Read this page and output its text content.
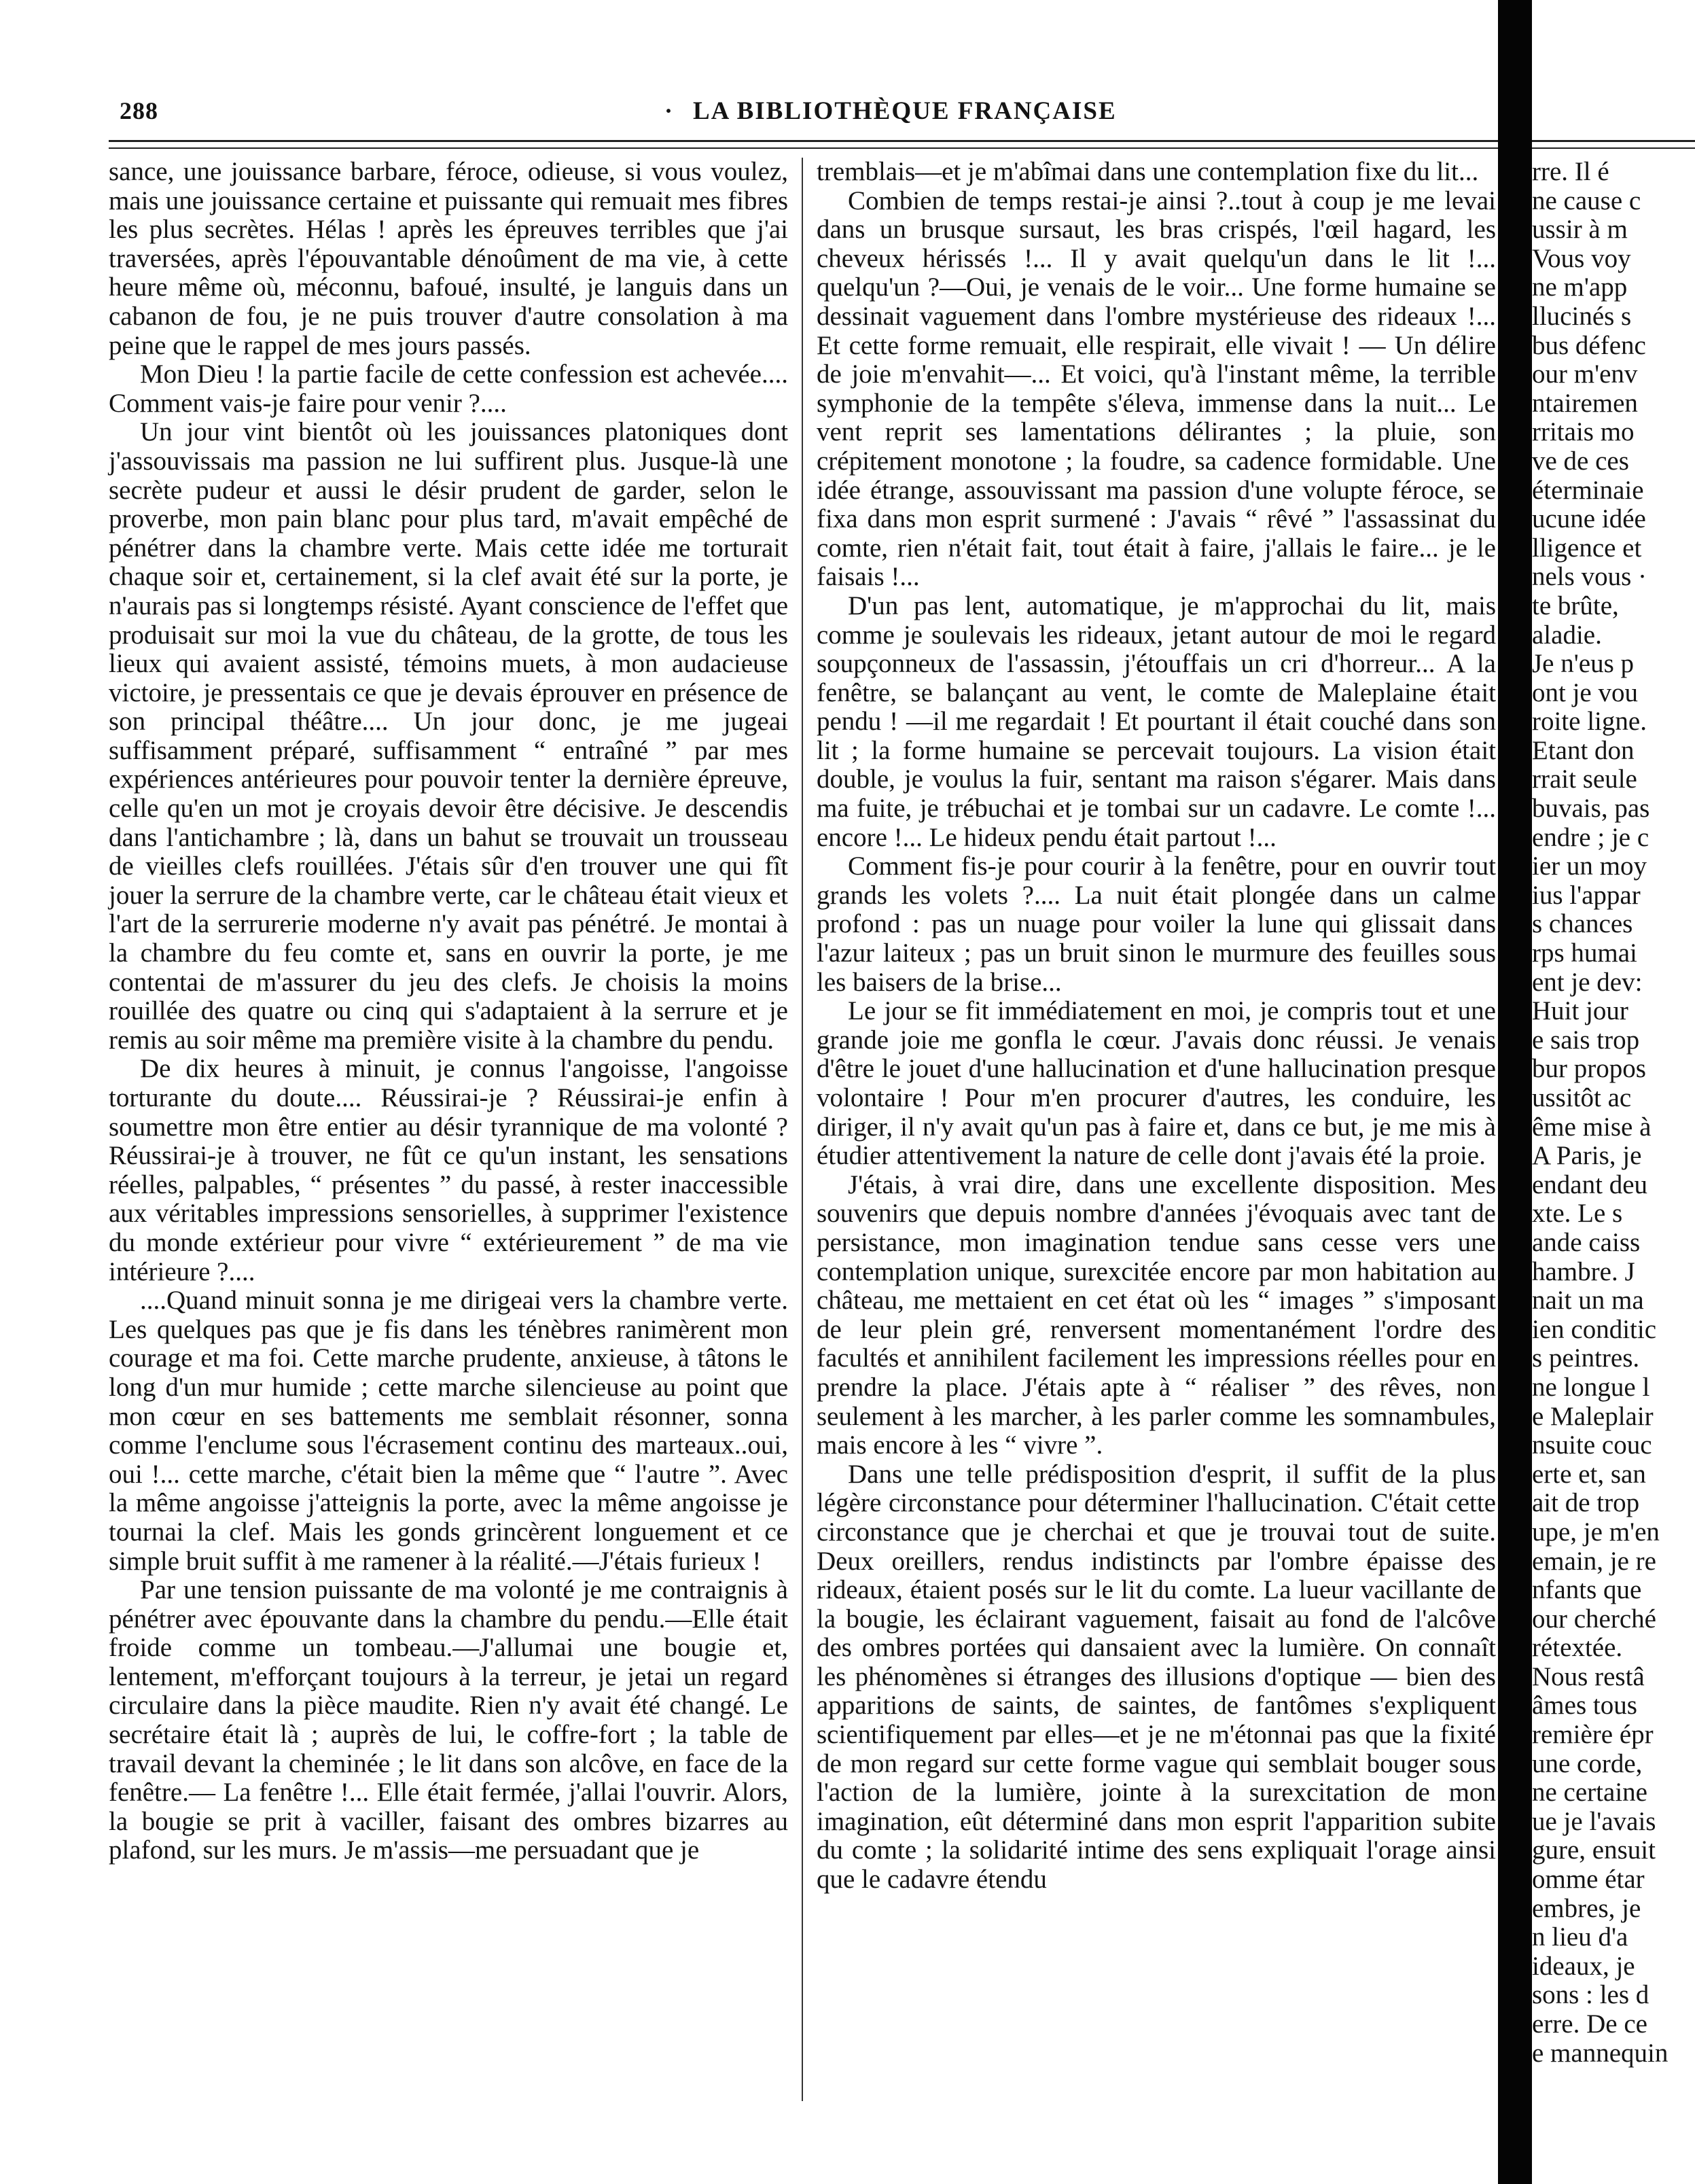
288	· LA BIBLIOTHÈQUE FRANÇAISE

sance, une jouissance barbare, féroce, odieuse, si vous voulez, mais une jouissance certaine et puissante qui remuait mes fibres les plus secrètes. Hélas ! après les épreuves terribles que j'ai traversées, après l'épouvantable dénoûment de ma vie, à cette heure même où, méconnu, bafoué, insulté, je languis dans un cabanon de fou, je ne puis trouver d'autre consolation à ma peine que le rappel de mes jours passés.

Mon Dieu ! la partie facile de cette confession est achevée.... Comment vais-je faire pour venir ?....

Un jour vint bientôt où les jouissances platoniques dont j'assouvissais ma passion ne lui suffirent plus. Jusque-là une secrète pudeur et aussi le désir prudent de garder, selon le proverbe, mon pain blanc pour plus tard, m'avait empêché de pénétrer dans la chambre verte. Mais cette idée me torturait chaque soir et, certainement, si la clef avait été sur la porte, je n'aurais pas si longtemps résisté. Ayant conscience de l'effet que produisait sur moi la vue du château, de la grotte, de tous les lieux qui avaient assisté, témoins muets, à mon audacieuse victoire, je pressentais ce que je devais éprouver en présence de son principal théâtre.... Un jour donc, je me jugeai suffisamment préparé, suffisamment “ entraîné ” par mes expériences antérieures pour pouvoir tenter la dernière épreuve, celle qu'en un mot je croyais devoir être décisive. Je descendis dans l'antichambre ; là, dans un bahut se trouvait un trousseau de vieilles clefs rouillées. J'étais sûr d'en trouver une qui fît jouer la serrure de la chambre verte, car le château était vieux et l'art de la serrurerie moderne n'y avait pas pénétré. Je montai à la chambre du feu comte et, sans en ouvrir la porte, je me contentai de m'assurer du jeu des clefs. Je choisis la moins rouillée des quatre ou cinq qui s'adaptaient à la serrure et je remis au soir même ma première visite à la chambre du pendu.

De dix heures à minuit, je connus l'angoisse, l'angoisse torturante du doute.... Réussirai-je ? Réussirai-je enfin à soumettre mon être entier au désir tyrannique de ma volonté ? Réussirai-je à trouver, ne fût ce qu'un instant, les sensations réelles, palpables, “ présentes ” du passé, à rester inaccessible aux véritables impressions sensorielles, à supprimer l'existence du monde extérieur pour vivre “ extérieurement ” de ma vie intérieure ?....

....Quand minuit sonna je me dirigeai vers la chambre verte. Les quelques pas que je fis dans les ténèbres ranimèrent mon courage et ma foi. Cette marche prudente, anxieuse, à tâtons le long d'un mur humide ; cette marche silencieuse au point que mon cœur en ses battements me semblait résonner, sonna comme l'enclume sous l'écrasement continu des marteaux..oui, oui !... cette marche, c'était bien la même que “ l'autre ”. Avec la même angoisse j'atteignis la porte, avec la même angoisse je tournai la clef. Mais les gonds grincèrent longuement et ce simple bruit suffit à me ramener à la réalité.—J'étais furieux !

Par une tension puissante de ma volonté je me contraignis à pénétrer avec épouvante dans la chambre du pendu.—Elle était froide comme un tombeau.—J'allumai une bougie et, lentement, m'efforçant toujours à la terreur, je jetai un regard circulaire dans la pièce maudite. Rien n'y avait été changé. Le secrétaire était là ; auprès de lui, le coffre-fort ; la table de travail devant la cheminée ; le lit dans son alcôve, en face de la fenêtre.— La fenêtre !... Elle était fermée, j'allai l'ouvrir. Alors, la bougie se prit à vaciller, faisant des ombres bizarres au plafond, sur les murs. Je m'assis—me persuadant que je

tremblais—et je m'abîmai dans une contemplation fixe du lit...

Combien de temps restai-je ainsi ?..tout à coup je me levai dans un brusque sursaut, les bras crispés, l'œil hagard, les cheveux hérissés !... Il y avait quelqu'un dans le lit !... quelqu'un ?—Oui, je venais de le voir... Une forme humaine se dessinait vaguement dans l'ombre mystérieuse des rideaux !... Et cette forme remuait, elle respirait, elle vivait ! — Un délire de joie m'envahit—... Et voici, qu'à l'instant même, la terrible symphonie de la tempête s'éleva, immense dans la nuit... Le vent reprit ses lamentations délirantes ; la pluie, son crépitement monotone ; la foudre, sa cadence formidable. Une idée étrange, assouvissant ma passion d'une volupte féroce, se fixa dans mon esprit surmené : J'avais “ rêvé ” l'assassinat du comte, rien n'était fait, tout était à faire, j'allais le faire... je le faisais !...

D'un pas lent, automatique, je m'approchai du lit, mais comme je soulevais les rideaux, jetant autour de moi le regard soupçonneux de l'assassin, j'étouffais un cri d'horreur... A la fenêtre, se balançant au vent, le comte de Maleplaine était pendu ! —il me regardait ! Et pourtant il était couché dans son lit ; la forme humaine se percevait toujours. La vision était double, je voulus la fuir, sentant ma raison s'égarer. Mais dans ma fuite, je trébuchai et je tombai sur un cadavre. Le comte !... encore !... Le hideux pendu était partout !...

Comment fis-je pour courir à la fenêtre, pour en ouvrir tout grands les volets ?.... La nuit était plongée dans un calme profond : pas un nuage pour voiler la lune qui glissait dans l'azur laiteux ; pas un bruit sinon le murmure des feuilles sous les baisers de la brise...

Le jour se fit immédiatement en moi, je compris tout et une grande joie me gonfla le cœur. J'avais donc réussi. Je venais d'être le jouet d'une hallucination et d'une hallucination presque volontaire ! Pour m'en procurer d'autres, les conduire, les diriger, il n'y avait qu'un pas à faire et, dans ce but, je me mis à étudier attentivement la nature de celle dont j'avais été la proie.

J'étais, à vrai dire, dans une excellente disposition. Mes souvenirs que depuis nombre d'années j'évoquais avec tant de persistance, mon imagination tendue sans cesse vers une contemplation unique, surexcitée encore par mon habitation au château, me mettaient en cet état où les “ images ” s'imposant de leur plein gré, renversent momentanément l'ordre des facultés et annihilent facilement les impressions réelles pour en prendre la place. J'étais apte à “ réaliser ” des rêves, non seulement à les marcher, à les parler comme les somnambules, mais encore à les “ vivre ”.

Dans une telle prédisposition d'esprit, il suffit de la plus légère circonstance pour déterminer l'hallucination. C'était cette circonstance que je cherchai et que je trouvai tout de suite. Deux oreillers, rendus indistincts par l'ombre épaisse des rideaux, étaient posés sur le lit du comte. La lueur vacillante de la bougie, les éclairant vaguement, faisait au fond de l'alcôve des ombres portées qui dansaient avec la lumière. On connaît les phénomènes si étranges des illusions d'optique — bien des apparitions de saints, de saintes, de fantômes s'expliquent scientifiquement par elles—et je ne m'étonnai pas que la fixité de mon regard sur cette forme vague qui semblait bouger sous l'action de la lumière, jointe à la surexcitation de mon imagination, eût déterminé dans mon esprit l'apparition subite du comte ; la solidarité intime des sens expliquait l'orage ainsi que le cadavre étendu

rre. Il é
ne cause c
ussir à m
Vous voy
ne m'app
llucinés s
bus défenc
our m'env
ntairemen
rritais mo
ve de ces
éterminaie
ucune idée
lligence et
nels vous ·
te brûte,
aladie.
Je n'eus p
ont je vou
roite ligne.
Etant don
rrait seule
buvais, pas
endre ; je c
ier un moy
ius l'appar
s chances
rps humai
ent je dev:
Huit jour
e sais trop
bur propos
ussitôt ac
ême mise à
A Paris, je
endant deu
xte. Le s
ande caiss
hambre. J
nait un ma
ien conditic
s peintres.
ne longue l
e Maleplair
nsuite couc
erte et, san
ait de trop
upe, je m'en
emain, je re
nfants que
our cherché
rétextée.
Nous restâ
âmes tous
remière épr
une corde,
ne certaine
ue je l'avais
gure, ensuit
omme étar
embres, je
n lieu d'a
ideaux, je
sons : les d
erre. De ce
e mannequin
